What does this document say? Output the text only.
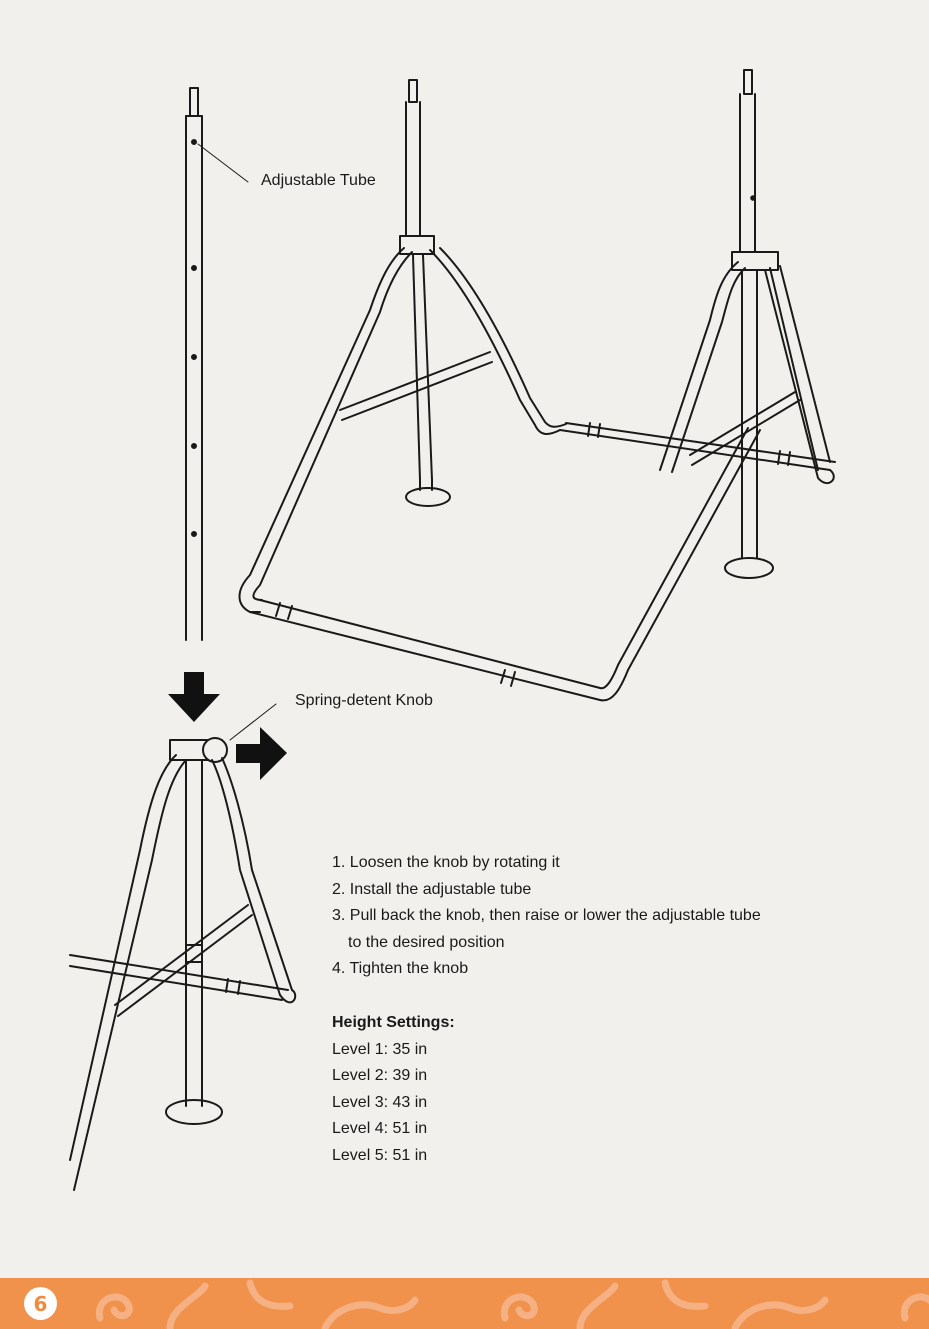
Adjustable Tube
Spring-detent Knob
1. Loosen the knob by rotating it
2. Install the adjustable tube
3. Pull back the knob, then raise or lower the adjustable tube
to the desired position
4. Tighten the knob
Height Settings:
Level 1: 35 in
Level 2: 39 in
Level 3: 43 in
Level 4: 51 in
Level 5: 51 in
6
